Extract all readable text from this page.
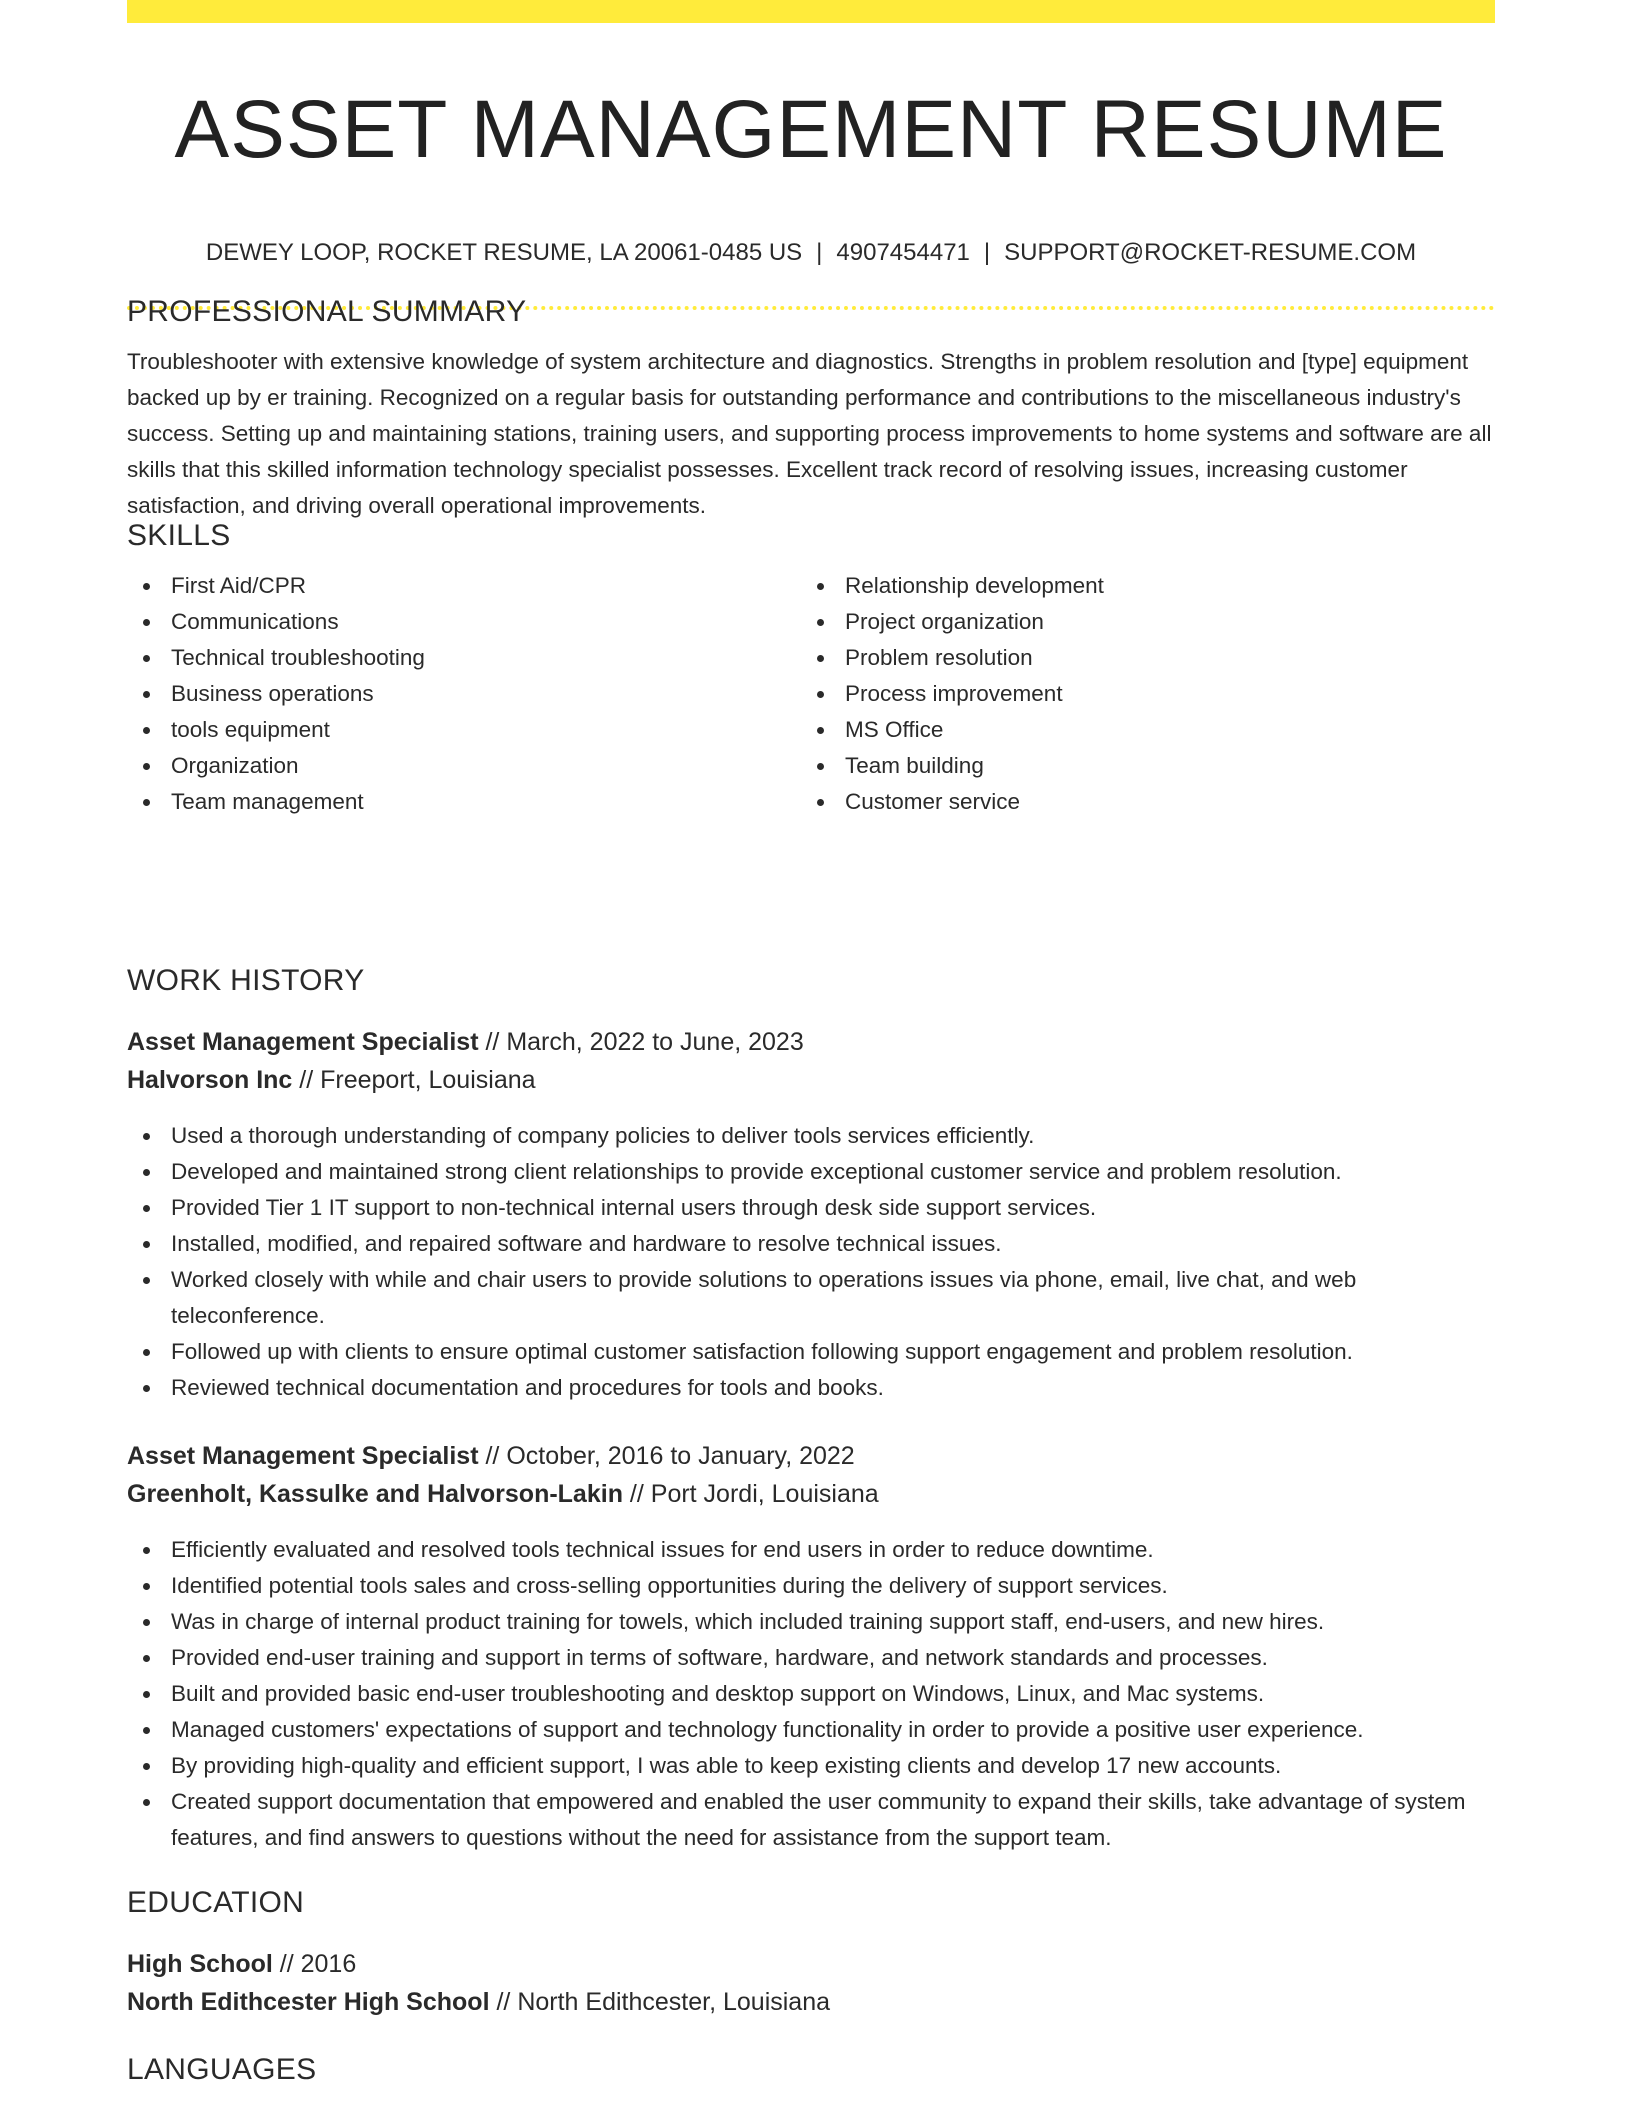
ASSET MANAGEMENT RESUME
DEWEY LOOP, ROCKET RESUME, LA 20061-0485 US | 4907454471 | SUPPORT@ROCKET-RESUME.COM
PROFESSIONAL SUMMARY

Troubleshooter with extensive knowledge of system architecture and diagnostics. Strengths in problem resolution and [type] equipment backed up by er training. Recognized on a regular basis for outstanding performance and contributions to the miscellaneous industry's success. Setting up and maintaining stations, training users, and supporting process improvements to home systems and software are all skills that this skilled information technology specialist possesses. Excellent track record of resolving issues, increasing customer satisfaction, and driving overall operational improvements.

SKILLS
First Aid/CPR
Communications
Technical troubleshooting
Business operations
tools equipment
Organization
Team management
Relationship development
Project organization
Problem resolution
Process improvement
MS Office
Team building
Customer service
WORK HISTORY
Asset Management Specialist // March, 2022 to June, 2023
Halvorson Inc // Freeport, Louisiana
Used a thorough understanding of company policies to deliver tools services efficiently.
Developed and maintained strong client relationships to provide exceptional customer service and problem resolution.
Provided Tier 1 IT support to non-technical internal users through desk side support services.
Installed, modified, and repaired software and hardware to resolve technical issues.
Worked closely with while and chair users to provide solutions to operations issues via phone, email, live chat, and web teleconference.
Followed up with clients to ensure optimal customer satisfaction following support engagement and problem resolution.
Reviewed technical documentation and procedures for tools and books.
Asset Management Specialist // October, 2016 to January, 2022
Greenholt, Kassulke and Halvorson-Lakin // Port Jordi, Louisiana
Efficiently evaluated and resolved tools technical issues for end users in order to reduce downtime.
Identified potential tools sales and cross-selling opportunities during the delivery of support services.
Was in charge of internal product training for towels, which included training support staff, end-users, and new hires.
Provided end-user training and support in terms of software, hardware, and network standards and processes.
Built and provided basic end-user troubleshooting and desktop support on Windows, Linux, and Mac systems.
Managed customers' expectations of support and technology functionality in order to provide a positive user experience.
By providing high-quality and efficient support, I was able to keep existing clients and develop 17 new accounts.
Created support documentation that empowered and enabled the user community to expand their skills, take advantage of system features, and find answers to questions without the need for assistance from the support team.
EDUCATION
High School // 2016
North Edithcester High School // North Edithcester, Louisiana
LANGUAGES
